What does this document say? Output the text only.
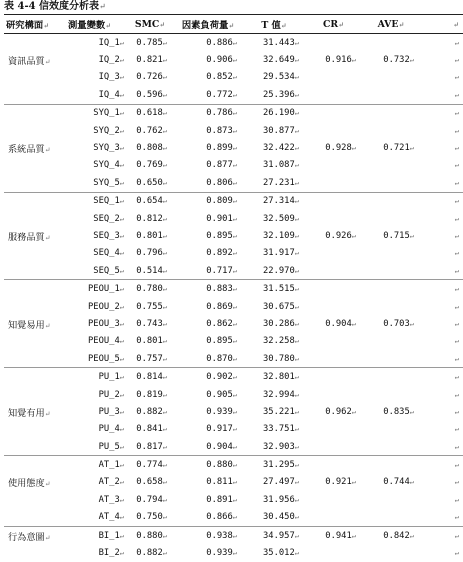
表 4-4 信效度分析表↵
研究構面↵	測量變數↵	SMC↵	因素負荷量↵	T 值↵	CR↵	AVE↵	↵
	IQ_1↵	0.785↵	0.886↵	31.443↵			↵
資訊品質↵	IQ_2↵	0.821↵	0.906↵	32.649↵	0.916↵	0.732↵	↵
	IQ_3↵	0.726↵	0.852↵	29.534↵			↵
	IQ_4↵	0.596↵	0.772↵	25.396↵			↵
	SYQ_1↵	0.618↵	0.786↵	26.190↵			↵
	SYQ_2↵	0.762↵	0.873↵	30.877↵			↵
系統品質↵	SYQ_3↵	0.808↵	0.899↵	32.422↵	0.928↵	0.721↵	↵
	SYQ_4↵	0.769↵	0.877↵	31.087↵			↵
	SYQ_5↵	0.650↵	0.806↵	27.231↵			↵
	SEQ_1↵	0.654↵	0.809↵	27.314↵			↵
	SEQ_2↵	0.812↵	0.901↵	32.509↵			↵
服務品質↵	SEQ_3↵	0.801↵	0.895↵	32.109↵	0.926↵	0.715↵	↵
	SEQ_4↵	0.796↵	0.892↵	31.917↵			↵
	SEQ_5↵	0.514↵	0.717↵	22.970↵			↵
	PEOU_1↵	0.780↵	0.883↵	31.515↵			↵
	PEOU_2↵	0.755↵	0.869↵	30.675↵			↵
知覺易用↵	PEOU_3↵	0.743↵	0.862↵	30.286↵	0.904↵	0.703↵	↵
	PEOU_4↵	0.801↵	0.895↵	32.258↵			↵
	PEOU_5↵	0.757↵	0.870↵	30.780↵			↵
	PU_1↵	0.814↵	0.902↵	32.801↵			↵
	PU_2↵	0.819↵	0.905↵	32.994↵			↵
知覺有用↵	PU_3↵	0.882↵	0.939↵	35.221↵	0.962↵	0.835↵	↵
	PU_4↵	0.841↵	0.917↵	33.751↵			↵
	PU_5↵	0.817↵	0.904↵	32.903↵			↵
	AT_1↵	0.774↵	0.880↵	31.295↵			↵
使用態度↵	AT_2↵	0.658↵	0.811↵	27.497↵	0.921↵	0.744↵	↵
	AT_3↵	0.794↵	0.891↵	31.956↵			↵
	AT_4↵	0.750↵	0.866↵	30.450↵			↵
行為意圖↵	BI_1↵	0.880↵	0.938↵	34.957↵	0.941↵	0.842↵	↵
	BI_2↵	0.882↵	0.939↵	35.012↵			↵
